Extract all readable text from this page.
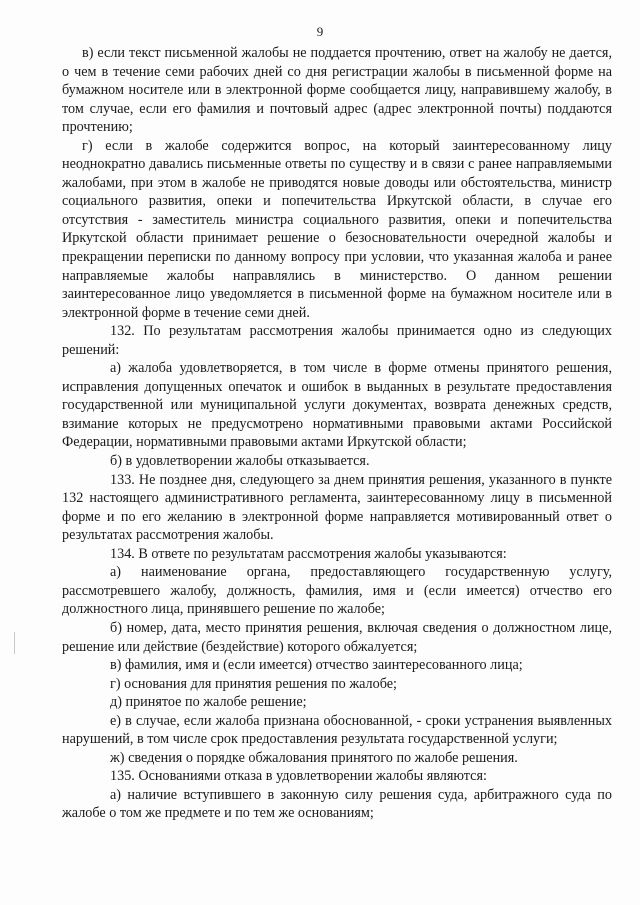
9

в) если текст письменной жалобы не поддается прочтению, ответ на жалобу не дается, о чем в течение семи рабочих дней со дня регистрации жалобы в письменной форме на бумажном носителе или в электронной форме сообщается лицу, направившему жалобу, в том случае, если его фамилия и почтовый адрес (адрес электронной почты) поддаются прочтению;

г) если в жалобе содержится вопрос, на который заинтересованному лицу неоднократно давались письменные ответы по существу и в связи с ранее направляемыми жалобами, при этом в жалобе не приводятся новые доводы или обстоятельства, министр социального развития, опеки и попечительства Иркутской области, в случае его отсутствия - заместитель министра социального развития, опеки и попечительства Иркутской области принимает решение о безосновательности очередной жалобы и прекращении переписки по данному вопросу при условии, что указанная жалоба и ранее направляемые жалобы направлялись в министерство. О данном решении заинтересованное лицо уведомляется в письменной форме на бумажном носителе или в электронной форме в течение семи дней.

132. По результатам рассмотрения жалобы принимается одно из следующих решений:

а) жалоба удовлетворяется, в том числе в форме отмены принятого решения, исправления допущенных опечаток и ошибок в выданных в результате предоставления государственной или муниципальной услуги документах, возврата денежных средств, взимание которых не предусмотрено нормативными правовыми актами Российской Федерации, нормативными правовыми актами Иркутской области;

б) в удовлетворении жалобы отказывается.

133. Не позднее дня, следующего за днем принятия решения, указанного в пункте 132 настоящего административного регламента, заинтересованному лицу в письменной форме и по его желанию в электронной форме направляется мотивированный ответ о результатах рассмотрения жалобы.

134. В ответе по результатам рассмотрения жалобы указываются:

а) наименование органа, предоставляющего государственную услугу, рассмотревшего жалобу, должность, фамилия, имя и (если имеется) отчество его должностного лица, принявшего решение по жалобе;

б) номер, дата, место принятия решения, включая сведения о должностном лице, решение или действие (бездействие) которого обжалуется;

в) фамилия, имя и (если имеется) отчество заинтересованного лица;

г) основания для принятия решения по жалобе;

д) принятое по жалобе решение;

е) в случае, если жалоба признана обоснованной, - сроки устранения выявленных нарушений, в том числе срок предоставления результата государственной услуги;

ж) сведения о порядке обжалования принятого по жалобе решения.

135. Основаниями отказа в удовлетворении жалобы являются:

а) наличие вступившего в законную силу решения суда, арбитражного суда по жалобе о том же предмете и по тем же основаниям;
